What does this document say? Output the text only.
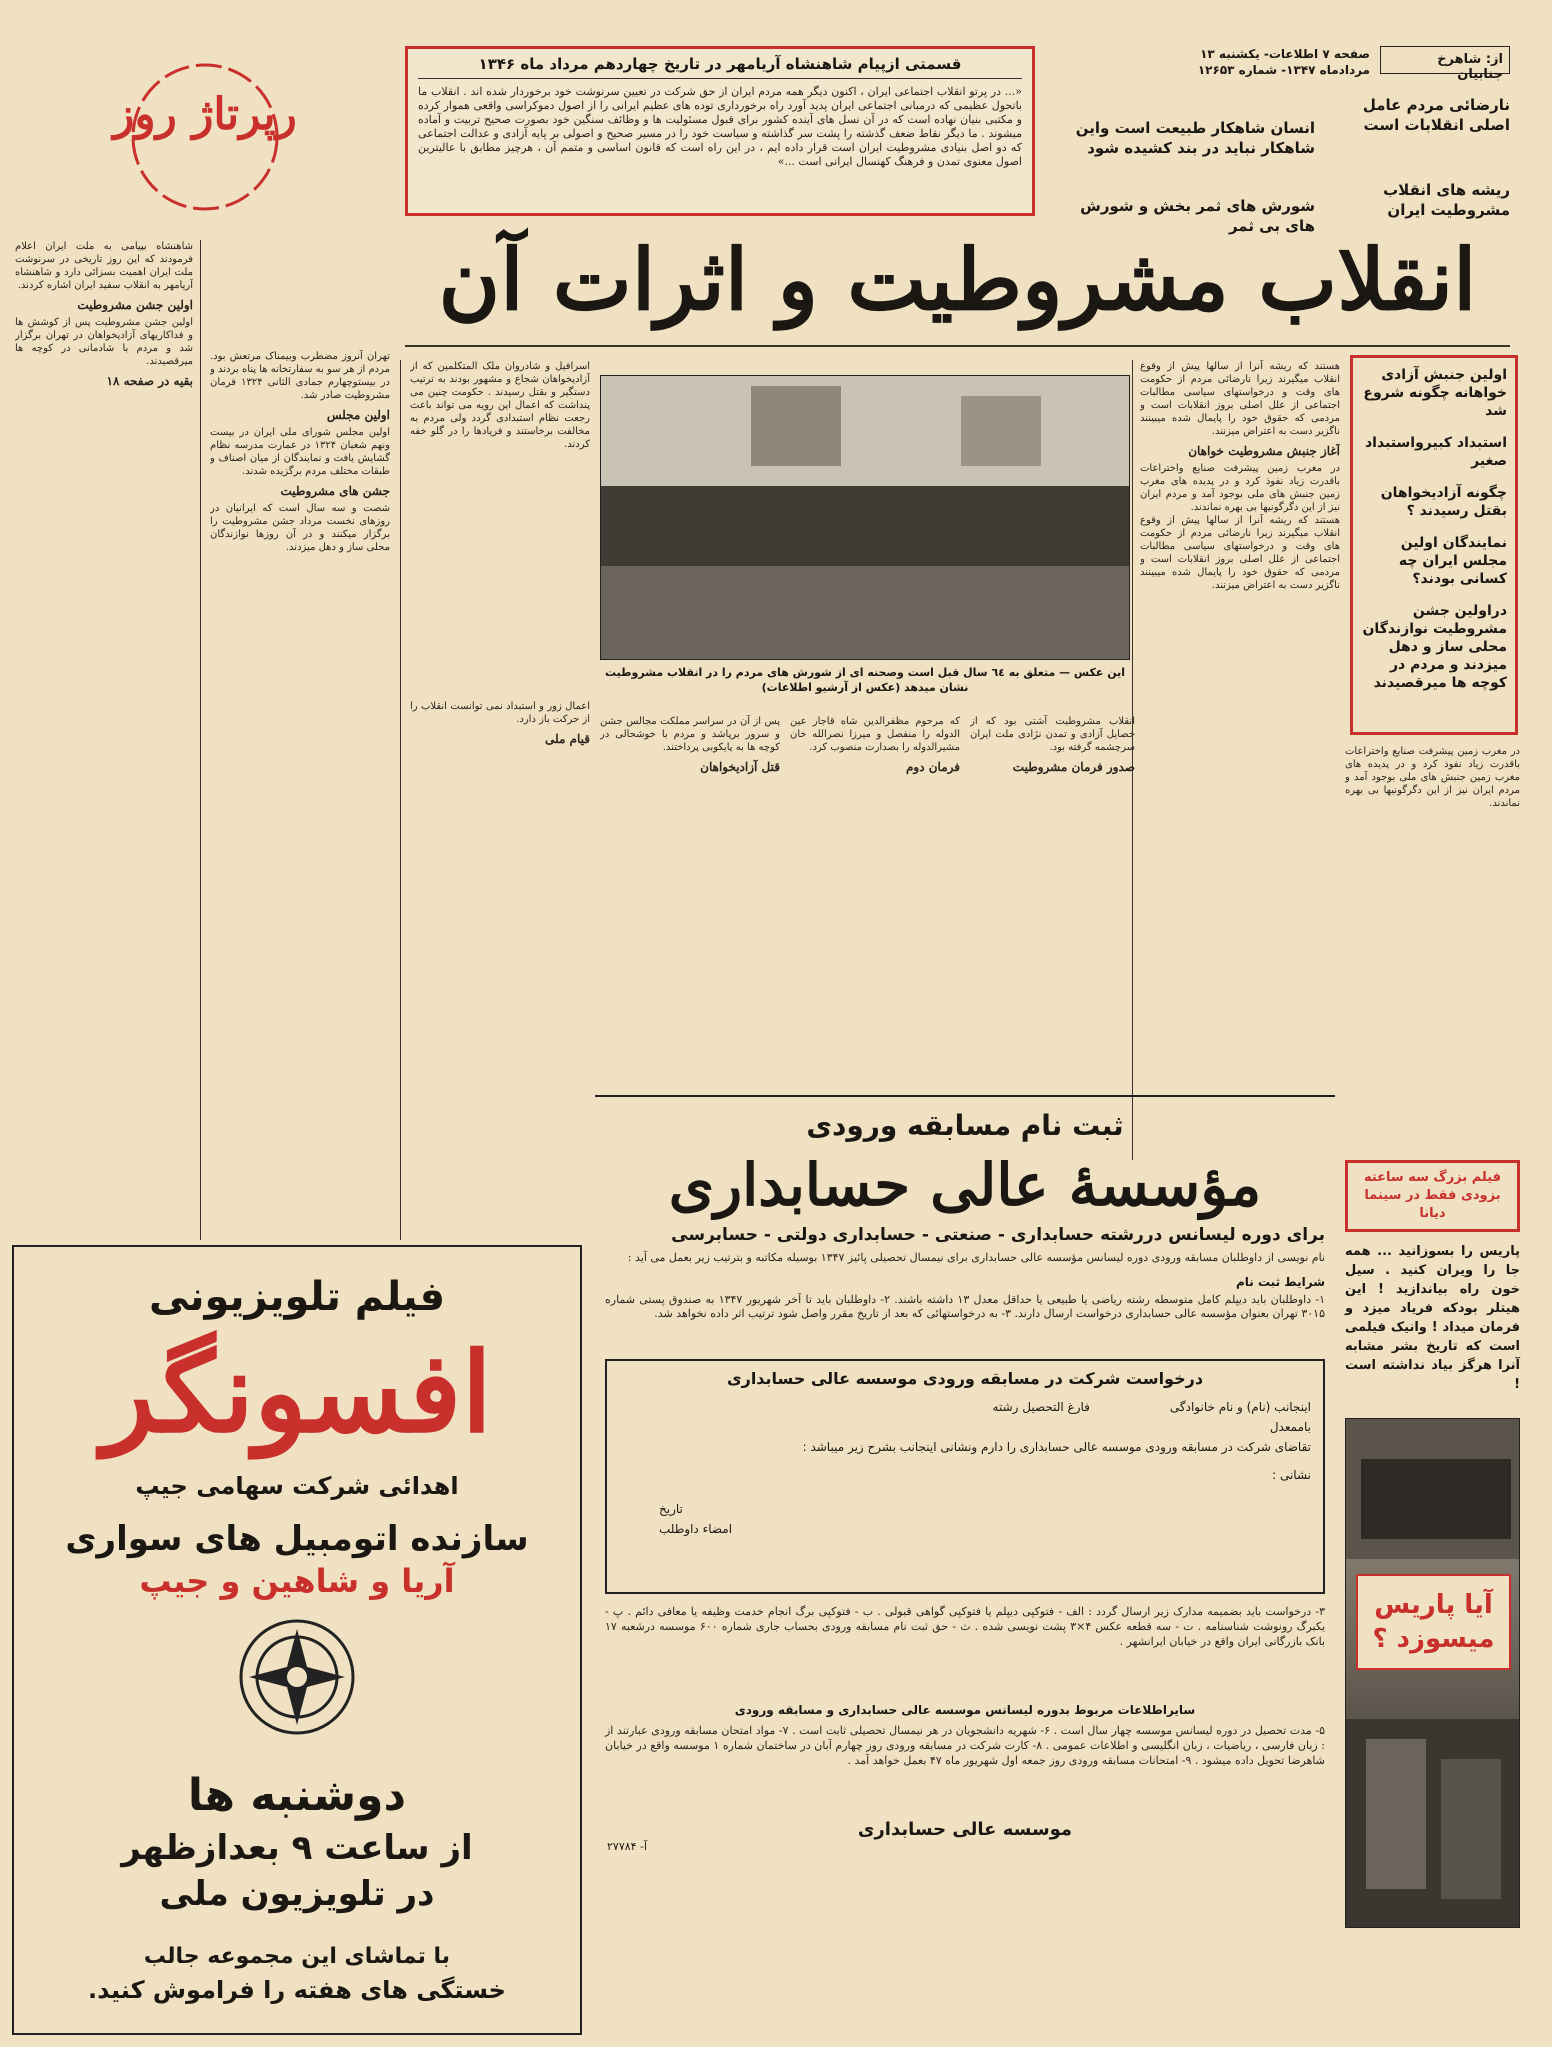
از: شاهرخ جنابیان
صفحه ۷ اطلاعات- یکشنبه ۱۳ مردادماه ۱۳۴۷- شماره ۱۲۶۵۳
رپرتاژ روز
قسمتی ازپیام شاهنشاه آریامهر در تاریخ چهاردهم مرداد ماه ۱۳۴۶
«... در پرتو انقلاب اجتماعی ایران ، اکنون دیگر همه مردم ایران از حق شرکت در تعیین سرنوشت خود برخوردار شده اند . انقلاب ما باتحول عظیمی که درمبانی اجتماعی ایران پدید آورد راه برخورداری توده های عظیم ایرانی را از اصول دموکراسی واقعی هموار کرده و مکتبی بنیان نهاده است که در آن نسل های آینده کشور برای قبول مسئولیت ها و وظائف سنگین خود بصورت صحیح تربیت و آماده میشوند . ما دیگر نقاط ضعف گذشته را پشت سر گذاشته و سیاست خود را در مسیر صحیح و اصولی بر پایه آزادی و عدالت اجتماعی که دو اصل بنیادی مشروطیت ایران است قرار داده ایم ، در این راه است که قانون اساسی و متمم آن ، هرچیز مطابق با عالیترین اصول معنوی تمدن و فرهنگ کهنسال ایرانی است ...»
نارضائی مردم عامل اصلی انقلابات است
ریشه های انقلاب مشروطیت ایران
انسان شاهکار طبیعت است واین شاهکار نباید در بند کشیده شود
شورش های ثمر بخش و شورش های بی ثمر
انقلاب مشروطیت و اثرات آن
اولین جنبش آزادی خواهانه چگونه شروع شد
استبداد کبیرواستبداد صغیر
چگونه آزادیخواهان بقتل رسیدند ؟
نمایندگان اولین مجلس ایران چه کسانی بودند؟
دراولین جشن مشروطیت نوازندگان محلی ساز و دهل میزدند و مردم در کوچه ها میرقصیدند
در مغرب زمین پیشرفت صنایع واختراعات باقدرت زیاد نفوذ کرد و در پدیده های مغرب زمین جنبش های ملی بوجود آمد و مردم ایران نیز از این دگرگونیها بی بهره نماندند.
هستند که ریشه آنرا از سالها پیش از وقوع انقلاب میگیرند زیرا نارضائی مردم از حکومت های وقت و درخواستهای سیاسی مطالبات اجتماعی از علل اصلی بروز انقلابات است و مردمی که حقوق خود را پایمال شده میبینند ناگزیر دست به اعتراض میزنند.
آغاز جنبش مشروطیت خواهان
در مغرب زمین پیشرفت صنایع واختراعات باقدرت زیاد نفوذ کرد و در پدیده های مغرب زمین جنبش های ملی بوجود آمد و مردم ایران نیز از این دگرگونیها بی بهره نماندند.
هستند که ریشه آنرا از سالها پیش از وقوع انقلاب میگیرند زیرا نارضائی مردم از حکومت های وقت و درخواستهای سیاسی مطالبات اجتماعی از علل اصلی بروز انقلابات است و مردمی که حقوق خود را پایمال شده میبینند ناگزیر دست به اعتراض میزنند.
این عکس — متعلق به ٦٤ سال قبل است وصحنه ای از شورش های مردم را در انقلاب مشروطیت نشان میدهد (عکس از آرشیو اطلاعات)
اسرافیل و شادروان ملک المتکلمین که از آزادیخواهان شجاع و مشهور بودند به ترتیب دستگیر و بقتل رسیدند . حکومت چنین می پنداشت که اعمال این رویه می تواند باعث رجعت نظام استبدادی گردد ولی مردم به مخالفت برخاستند و فریادها را در گلو خفه کردند.
تهران آنروز مضطرب وبیمناک مرتعش بود. مردم از هر سو به سفارتخانه ها پناه بردند و در بیستوچهارم جمادی الثانی ۱۳۲۴ فرمان مشروطیت صادر شد.
اولین مجلس
اولین مجلس شورای ملی ایران در بیست ونهم شعبان ۱۳۲۴ در عمارت مدرسه نظام گشایش یافت و نمایندگان از میان اصناف و طبقات مختلف مردم برگزیده شدند.
جشن های مشروطیت
شصت و سه سال است که ایرانیان در روزهای نخست مرداد جشن مشروطیت را برگزار میکنند و در آن روزها نوازندگان محلی ساز و دهل میزدند.
شاهنشاه بپیامی به ملت ایران اعلام فرمودند که این روز تاریخی در سرنوشت ملت ایران اهمیت بسزائی دارد و شاهنشاه آریامهر به انقلاب سفید ایران اشاره کردند.
اولین جشن مشروطیت
اولین جشن مشروطیت پس از کوشش ها و فداکاریهای آزادیخواهان در تهران برگزار شد و مردم با شادمانی در کوچه ها میرقصیدند.
بقیه در صفحه ۱۸
انقلاب مشروطیت آشتی بود که از خصایل آزادی و تمدن نژادی ملت ایران سرچشمه گرفته بود.
صدور فرمان مشروطیت
که مرحوم مظفرالدین شاه قاجار عین الدوله را منفصل و میرزا نصرالله خان مشیرالدوله را بصدارت منصوب کرد.
فرمان دوم
پس از آن در سراسر مملکت مجالس جشن و سرور برپاشد و مردم با خوشحالی در کوچه ها به پایکوبی پرداختند.
قتل آزادیخواهان
اعمال زور و استبداد نمی توانست انقلاب را از حرکت باز دارد.
قیام ملی
فیلم تلویزیونی
افسونگر
اهدائی شرکت سهامی جیپ
سازنده اتومبیل های سواری
آریا و شاهین و جیپ
دوشنبه ها
از ساعت ۹ بعدازظهر
در تلویزیون ملی
با تماشای این مجموعه جالب
خستگی های هفته را فراموش کنید.
ثبت نام مسابقه ورودی
مؤسسهٔ عالی حسابداری
برای دوره لیسانس دررشته حسابداری - صنعتی - حسابداری دولتی - حسابرسی
نام نویسی از داوطلبان مسابقه ورودی دوره لیسانس مؤسسه عالی حسابداری برای نیمسال تحصیلی پائیز ۱۳۴۷ بوسیله مکاتبه و بترتیب زیر بعمل می آید :
شرایط ثبت نام
۱- داوطلبان باید دیپلم کامل متوسطه رشته ریاضی یا طبیعی یا حداقل معدل ۱۳ داشته باشند. ۲- داوطلبان باید تا آخر شهریور ۱۳۴۷ به صندوق پستی شماره ۳۰۱۵ تهران بعنوان مؤسسه عالی حسابداری درخواست ارسال دارند. ۳- به درخواستهائی که بعد از تاریخ مقرر واصل شود ترتیب اثر داده نخواهد شد.
درخواست شرکت در مسابقه ورودی موسسه عالی حسابداری
اینجانب (نام) و نام خانوادگی
فارغ التحصیل رشته
باممعدل
تقاضای شرکت در مسابقه ورودی موسسه عالی حسابداری را دارم ونشانی اینجانب بشرح زیر میباشد :
نشانی :
تاریخ
امضاء داوطلب
۳- درخواست باید بضمیمه مدارک زیر ارسال گردد : الف - فتوکپی دیپلم یا فتوکپی گواهی قبولی . ب - فتوکپی برگ انجام خدمت وظیفه یا معافی دائم . پ - یکبرگ رونوشت شناسنامه . ت - سه قطعه عکس ۴×۳ پشت نویسی شده . ث - حق ثبت نام مسابقه ورودی بحساب جاری شماره ۶۰۰ موسسه درشعبه ۱۷ بانک بازرگانی ایران واقع در خیابان ایرانشهر .
سایراطلاعات مربوط بدوره لیسانس موسسه عالی حسابداری و مسابقه ورودی
۵- مدت تحصیل در دوره لیسانس موسسه چهار سال است . ۶- شهریه دانشجویان در هر نیمسال تحصیلی ثابت است . ۷- مواد امتحان مسابقه ورودی عبارتند از : زبان فارسی ، ریاضیات ، زبان انگلیسی و اطلاعات عمومی . ۸- کارت شرکت در مسابقه ورودی روز چهارم آبان در ساختمان شماره ۱ موسسه واقع در خیابان شاهرضا تحویل داده میشود . ۹- امتحانات مسابقه ورودی روز جمعه اول شهریور ماه ۴۷ بعمل خواهد آمد .
موسسه عالی حسابداری
آ- ۲۷۷۸۴
فیلم بزرگ سه ساعته بزودی فقط در سینما دیانا
پاریس را بسوزانید ... همه جا را ویران کنید . سیل خون راه بیاندازید ! این هیتلر بودکه فریاد میزد و فرمان میداد ! وانیک فیلمی است که تاریخ بشر مشابه آنرا هرگز بیاد نداشته است !
آیا پاریس میسوزد ؟
